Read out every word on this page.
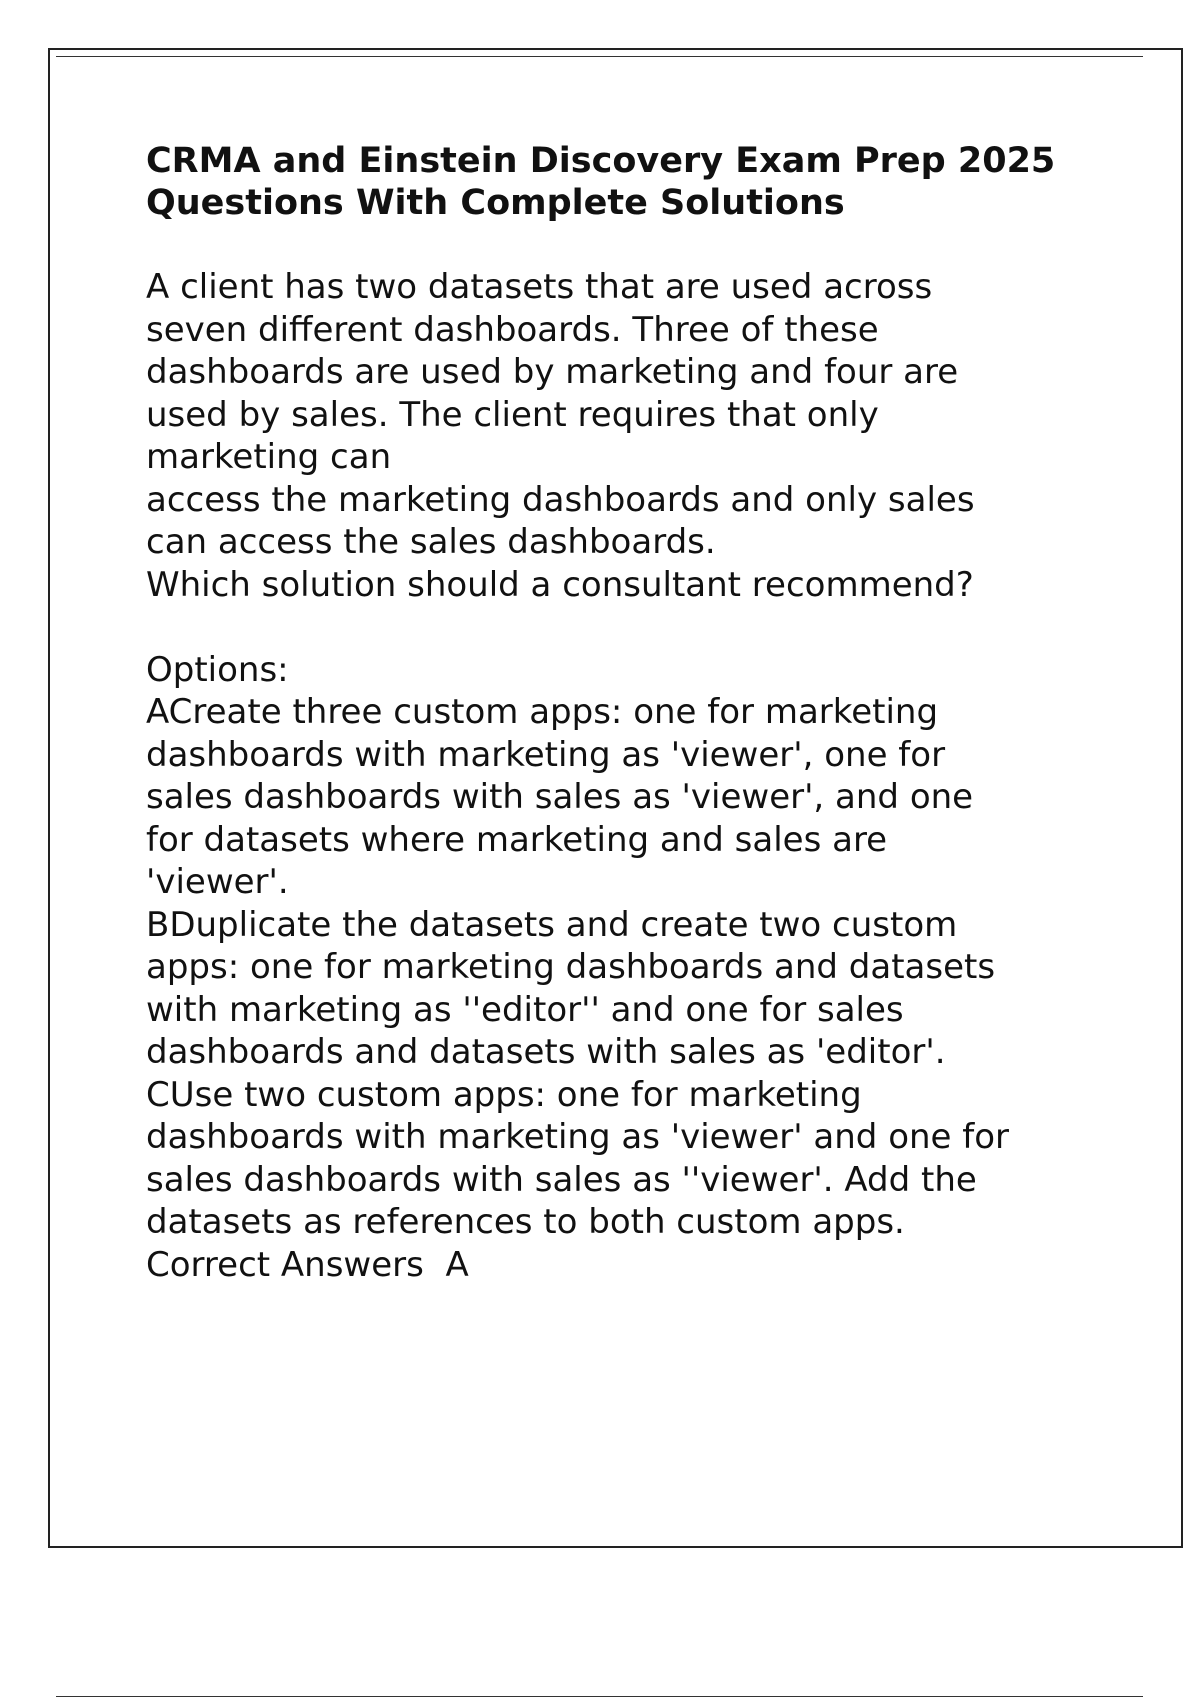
CRMA and Einstein Discovery Exam Prep 2025
Questions With Complete Solutions
A client has two datasets that are used across
seven different dashboards. Three of these
dashboards are used by marketing and four are
used by sales. The client requires that only
marketing can
access the marketing dashboards and only sales
can access the sales dashboards.
Which solution should a consultant recommend?
Options:
ACreate three custom apps: one for marketing
dashboards with marketing as 'viewer', one for
sales dashboards with sales as 'viewer', and one
for datasets where marketing and sales are
'viewer'.
BDuplicate the datasets and create two custom
apps: one for marketing dashboards and datasets
with marketing as ''editor'' and one for sales
dashboards and datasets with sales as 'editor'.
CUse two custom apps: one for marketing
dashboards with marketing as 'viewer' and one for
sales dashboards with sales as ''viewer'. Add the
datasets as references to both custom apps.
Correct Answers  A
